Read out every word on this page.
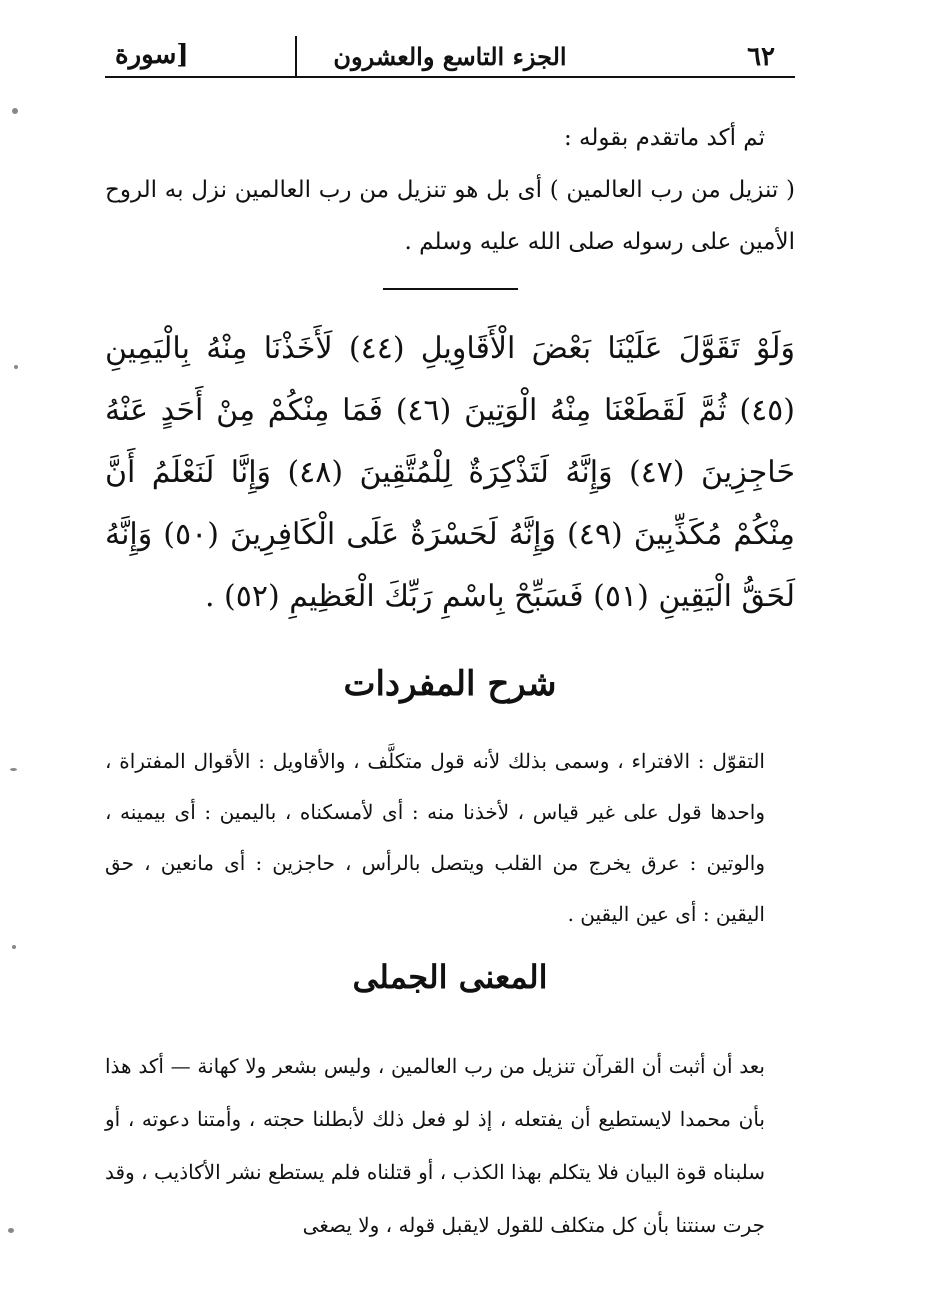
٦٢
الجزء التاسع والعشرون
[سورة

ثم أكد ماتقدم بقوله :

( تنزيل من رب العالمين ) أى بل هو تنزيل من رب العالمين نزل به الروح الأمين على رسوله صلى الله عليه وسلم .

وَلَوْ تَقَوَّلَ عَلَيْنَا بَعْضَ الْأَقَاوِيلِ (٤٤) لَأَخَذْنَا مِنْهُ بِالْيَمِينِ (٤٥) ثُمَّ لَقَطَعْنَا مِنْهُ الْوَتِينَ (٤٦) فَمَا مِنْكُمْ مِنْ أَحَدٍ عَنْهُ حَاجِزِينَ (٤٧) وَإِنَّهُ لَتَذْكِرَةٌ لِلْمُتَّقِينَ (٤٨) وَإِنَّا لَنَعْلَمُ أَنَّ مِنْكُمْ مُكَذِّبِينَ (٤٩) وَإِنَّهُ لَحَسْرَةٌ عَلَى الْكَافِرِينَ (٥٠) وَإِنَّهُ لَحَقُّ الْيَقِينِ (٥١) فَسَبِّحْ بِاسْمِ رَبِّكَ الْعَظِيمِ (٥٢) .
شرح المفردات

التقوّل : الافتراء ، وسمى بذلك لأنه قول متكلَّف ، والأقاويل : الأقوال المفتراة ، واحدها قول على غير قياس ، لأخذنا منه : أى لأمسكناه ، باليمين : أى بيمينه ، والوتين : عرق يخرج من القلب ويتصل بالرأس ، حاجزين : أى مانعين ، حق اليقين : أى عين اليقين .

المعنى الجملى

بعد أن أثبت أن القرآن تنزيل من رب العالمين ، وليس بشعر ولا كهانة — أكد هذا بأن محمدا لايستطيع أن يفتعله ، إذ لو فعل ذلك لأبطلنا حجته ، وأمتنا دعوته ، أو سلبناه قوة البيان فلا يتكلم بهذا الكذب ، أو قتلناه فلم يستطع نشر الأكاذيب ، وقد جرت سنتنا بأن كل متكلف للقول لايقبل قوله ، ولا يصغى
